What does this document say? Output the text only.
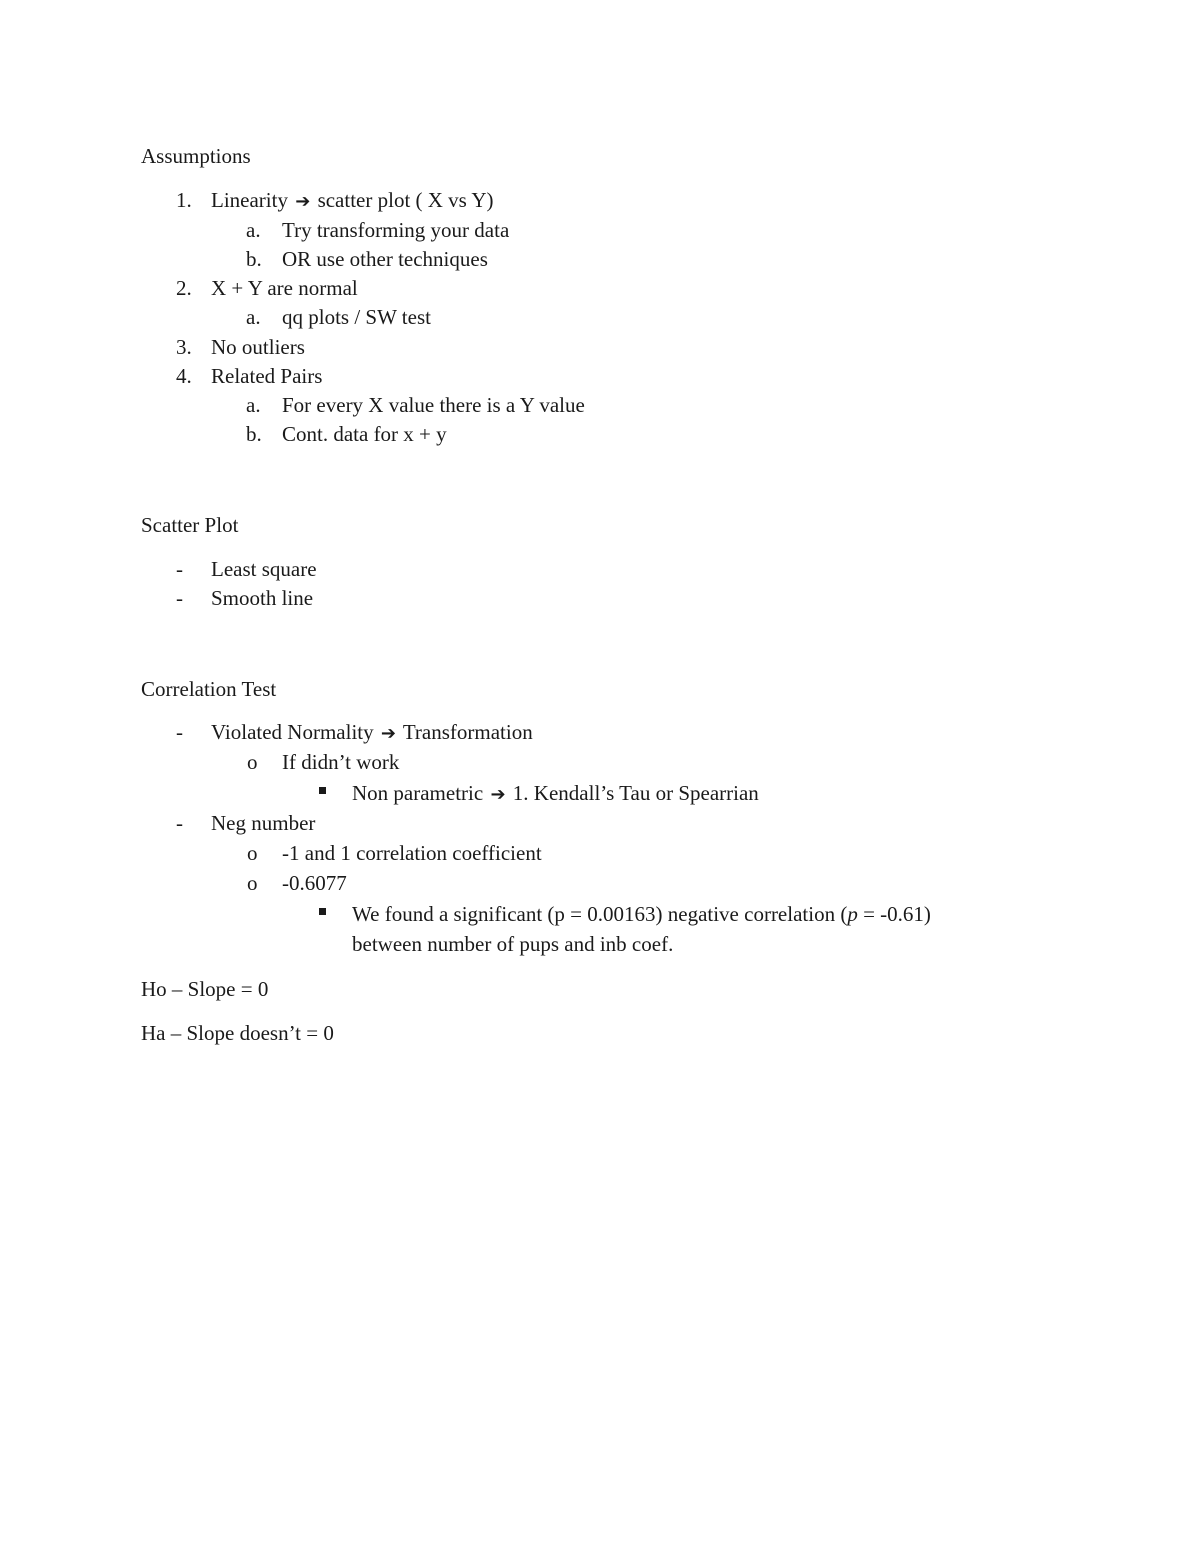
Assumptions
1. Linearity ➔ scatter plot ( X vs Y)
a. Try transforming your data
b. OR use other techniques
2. X + Y are normal
a. qq plots / SW test
3. No outliers
4. Related Pairs
a. For every X value there is a Y value
b. Cont. data for x + y
Scatter Plot
- Least square
- Smooth line
Correlation Test
- Violated Normality ➔ Transformation
o If didn’t work
Non parametric ➔ 1. Kendall’s Tau or Spearrian
- Neg number
o -1 and 1 correlation coefficient
o -0.6077
We found a significant (p = 0.00163) negative correlation (p = -0.61)
between number of pups and inb coef.
Ho – Slope = 0
Ha – Slope doesn’t = 0
